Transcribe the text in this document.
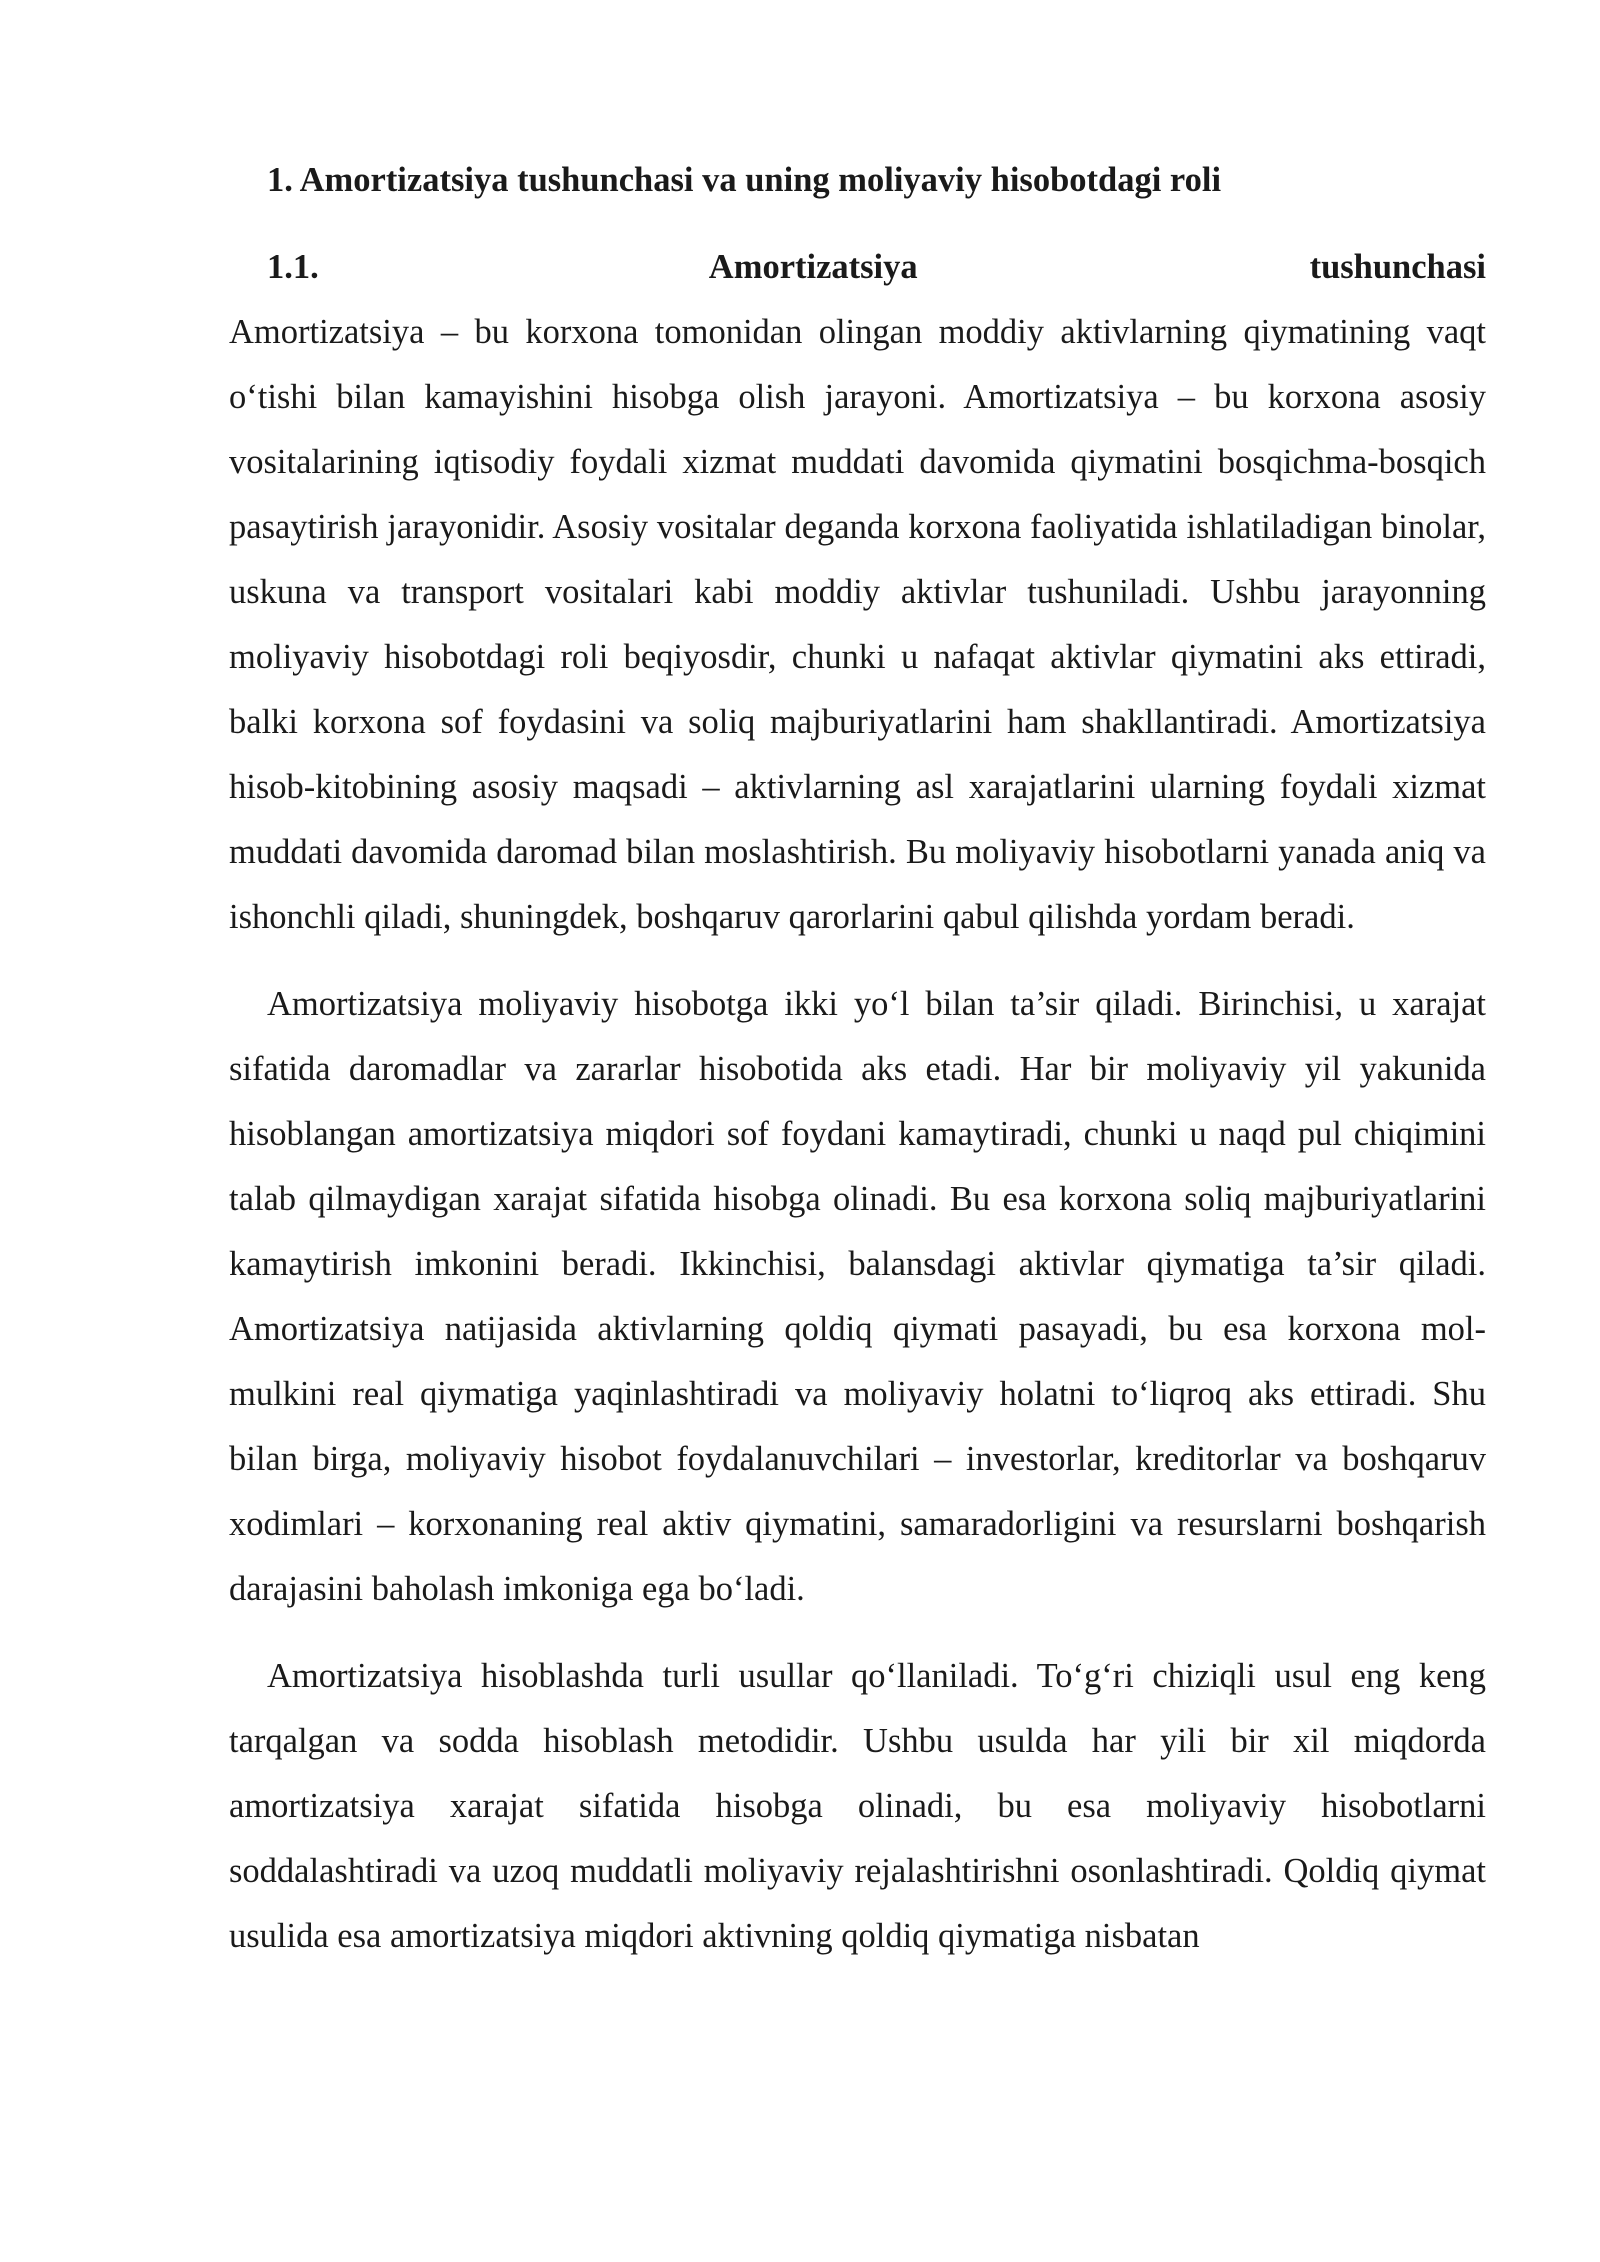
1. Amortizatsiya tushunchasi va uning moliyaviy hisobotdagi roli
1.1. Amortizatsiya tushunchasi

Amortizatsiya – bu korxona tomonidan olingan moddiy aktivlarning qiymatining vaqt o‘tishi bilan kamayishini hisobga olish jarayoni. Amortizatsiya – bu korxona asosiy vositalarining iqtisodiy foydali xizmat muddati davomida qiymatini bosqichma-bosqich pasaytirish jarayonidir. Asosiy vositalar deganda korxona faoliyatida ishlatiladigan binolar, uskuna va transport vositalari kabi moddiy aktivlar tushuniladi. Ushbu jarayonning moliyaviy hisobotdagi roli beqiyosdir, chunki u nafaqat aktivlar qiymatini aks ettiradi, balki korxona sof foydasini va soliq majburiyatlarini ham shakllantiradi. Amortizatsiya hisob-kitobining asosiy maqsadi – aktivlarning asl xarajatlarini ularning foydali xizmat muddati davomida daromad bilan moslashtirish. Bu moliyaviy hisobotlarni yanada aniq va ishonchli qiladi, shuningdek, boshqaruv qarorlarini qabul qilishda yordam beradi.

Amortizatsiya moliyaviy hisobotga ikki yo‘l bilan ta’sir qiladi. Birinchisi, u xarajat sifatida daromadlar va zararlar hisobotida aks etadi. Har bir moliyaviy yil yakunida hisoblangan amortizatsiya miqdori sof foydani kamaytiradi, chunki u naqd pul chiqimini talab qilmaydigan xarajat sifatida hisobga olinadi. Bu esa korxona soliq majburiyatlarini kamaytirish imkonini beradi. Ikkinchisi, balansdagi aktivlar qiymatiga ta’sir qiladi. Amortizatsiya natijasida aktivlarning qoldiq qiymati pasayadi, bu esa korxona mol-mulkini real qiymatiga yaqinlashtiradi va moliyaviy holatni to‘liqroq aks ettiradi. Shu bilan birga, moliyaviy hisobot foydalanuvchilari – investorlar, kreditorlar va boshqaruv xodimlari – korxonaning real aktiv qiymatini, samaradorligini va resurslarni boshqarish darajasini baholash imkoniga ega bo‘ladi.

Amortizatsiya hisoblashda turli usullar qo‘llaniladi. To‘g‘ri chiziqli usul eng keng tarqalgan va sodda hisoblash metodidir. Ushbu usulda har yili bir xil miqdorda amortizatsiya xarajat sifatida hisobga olinadi, bu esa moliyaviy hisobotlarni soddalashtiradi va uzoq muddatli moliyaviy rejalashtirishni osonlashtiradi. Qoldiq qiymat usulida esa amortizatsiya miqdori aktivning qoldiq qiymatiga nisbatan
